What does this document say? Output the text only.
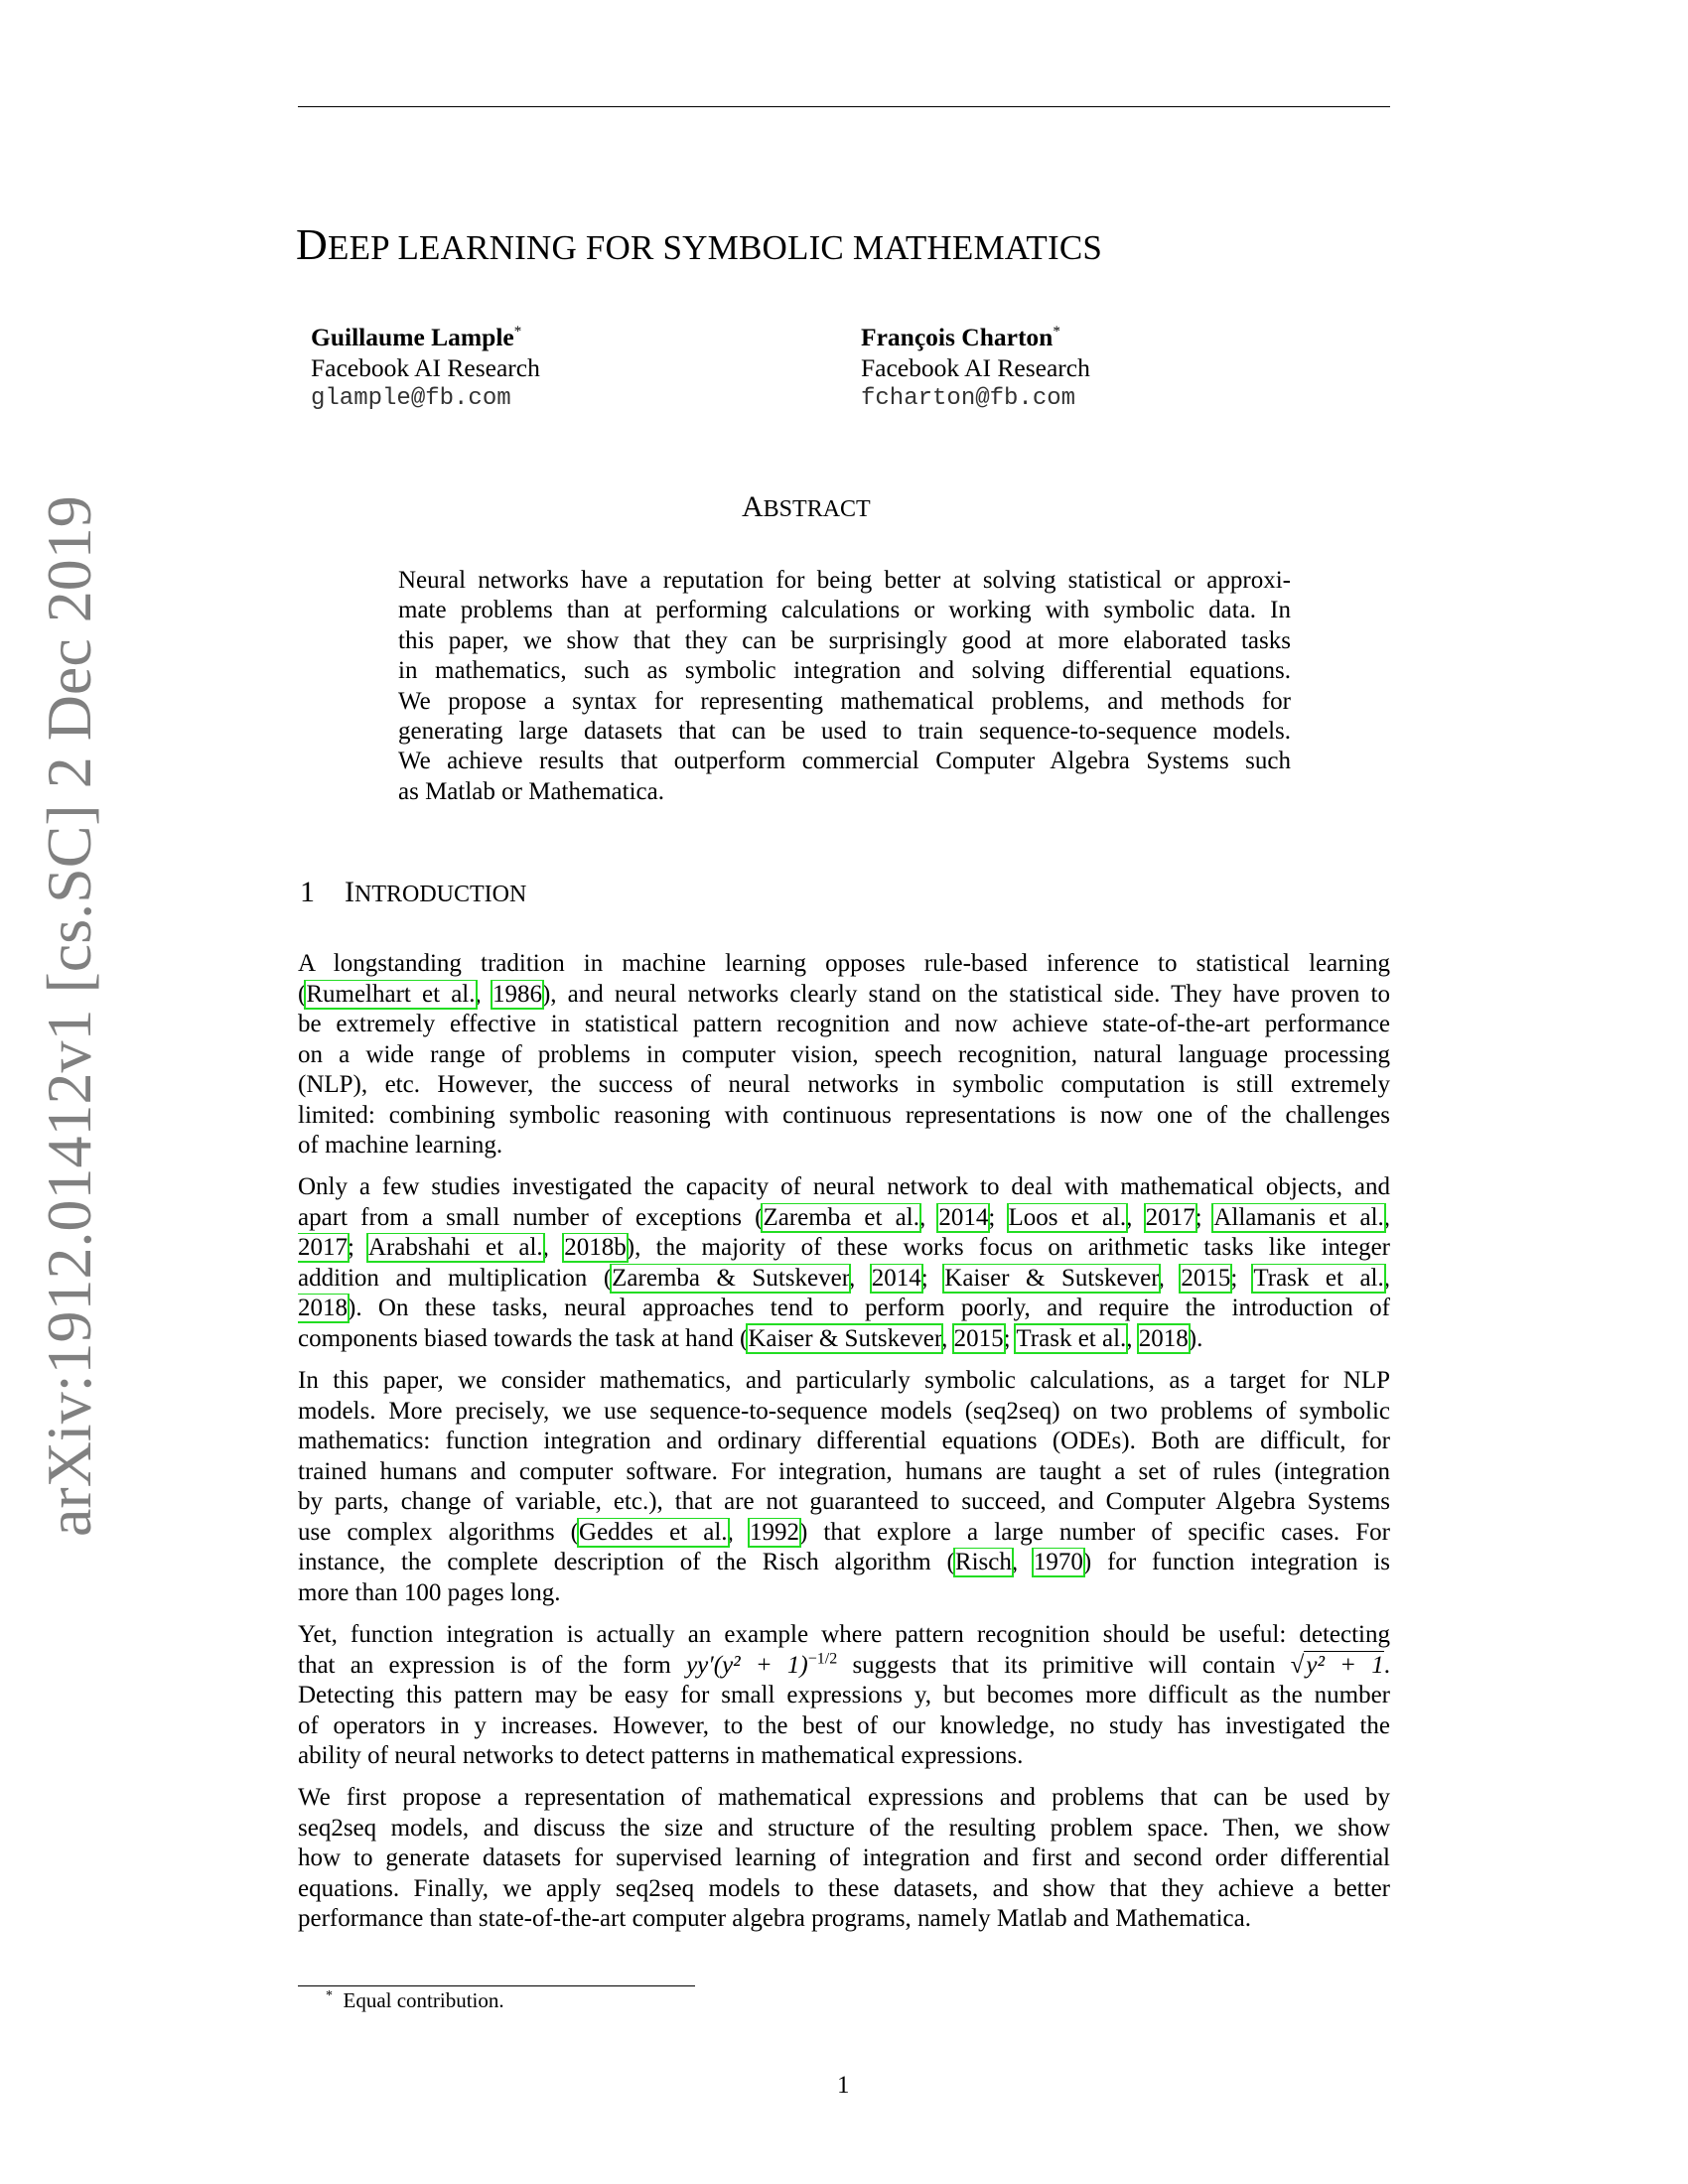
arXiv:1912.01412v1 [cs.SC] 2 Dec 2019
DEEP LEARNING FOR SYMBOLIC MATHEMATICS
Guillaume Lample*
Facebook AI Research
glample@fb.com
François Charton*
Facebook AI Research
fcharton@fb.com
ABSTRACT
Neural networks have a reputation for being better at solving statistical or approxi-
mate problems than at performing calculations or working with symbolic data. In
this paper, we show that they can be surprisingly good at more elaborated tasks
in mathematics, such as symbolic integration and solving differential equations.
We propose a syntax for representing mathematical problems, and methods for
generating large datasets that can be used to train sequence-to-sequence models.
We achieve results that outperform commercial Computer Algebra Systems such
as Matlab or Mathematica.
1 INTRODUCTION
A longstanding tradition in machine learning opposes rule-based inference to statistical learning
(Rumelhart et al., 1986), and neural networks clearly stand on the statistical side. They have proven to
be extremely effective in statistical pattern recognition and now achieve state-of-the-art performance
on a wide range of problems in computer vision, speech recognition, natural language processing
(NLP), etc. However, the success of neural networks in symbolic computation is still extremely
limited: combining symbolic reasoning with continuous representations is now one of the challenges
of machine learning.
Only a few studies investigated the capacity of neural network to deal with mathematical objects, and
apart from a small number of exceptions (Zaremba et al., 2014; Loos et al., 2017; Allamanis et al.,
2017; Arabshahi et al., 2018b), the majority of these works focus on arithmetic tasks like integer
addition and multiplication (Zaremba & Sutskever, 2014; Kaiser & Sutskever, 2015; Trask et al.,
2018). On these tasks, neural approaches tend to perform poorly, and require the introduction of
components biased towards the task at hand (Kaiser & Sutskever, 2015; Trask et al., 2018).
In this paper, we consider mathematics, and particularly symbolic calculations, as a target for NLP
models. More precisely, we use sequence-to-sequence models (seq2seq) on two problems of symbolic
mathematics: function integration and ordinary differential equations (ODEs). Both are difficult, for
trained humans and computer software. For integration, humans are taught a set of rules (integration
by parts, change of variable, etc.), that are not guaranteed to succeed, and Computer Algebra Systems
use complex algorithms (Geddes et al., 1992) that explore a large number of specific cases. For
instance, the complete description of the Risch algorithm (Risch, 1970) for function integration is
more than 100 pages long.
Yet, function integration is actually an example where pattern recognition should be useful: detecting
that an expression is of the form $yy'(y^2 + 1)^{-1/2}$ suggests that its primitive will contain √y² + 1.
Detecting this pattern may be easy for small expressions y, but becomes more difficult as the number
of operators in y increases. However, to the best of our knowledge, no study has investigated the
ability of neural networks to detect patterns in mathematical expressions.
We first propose a representation of mathematical expressions and problems that can be used by
seq2seq models, and discuss the size and structure of the resulting problem space. Then, we show
how to generate datasets for supervised learning of integration and first and second order differential
equations. Finally, we apply seq2seq models to these datasets, and show that they achieve a better
performance than state-of-the-art computer algebra programs, namely Matlab and Mathematica.
* Equal contribution.
1
